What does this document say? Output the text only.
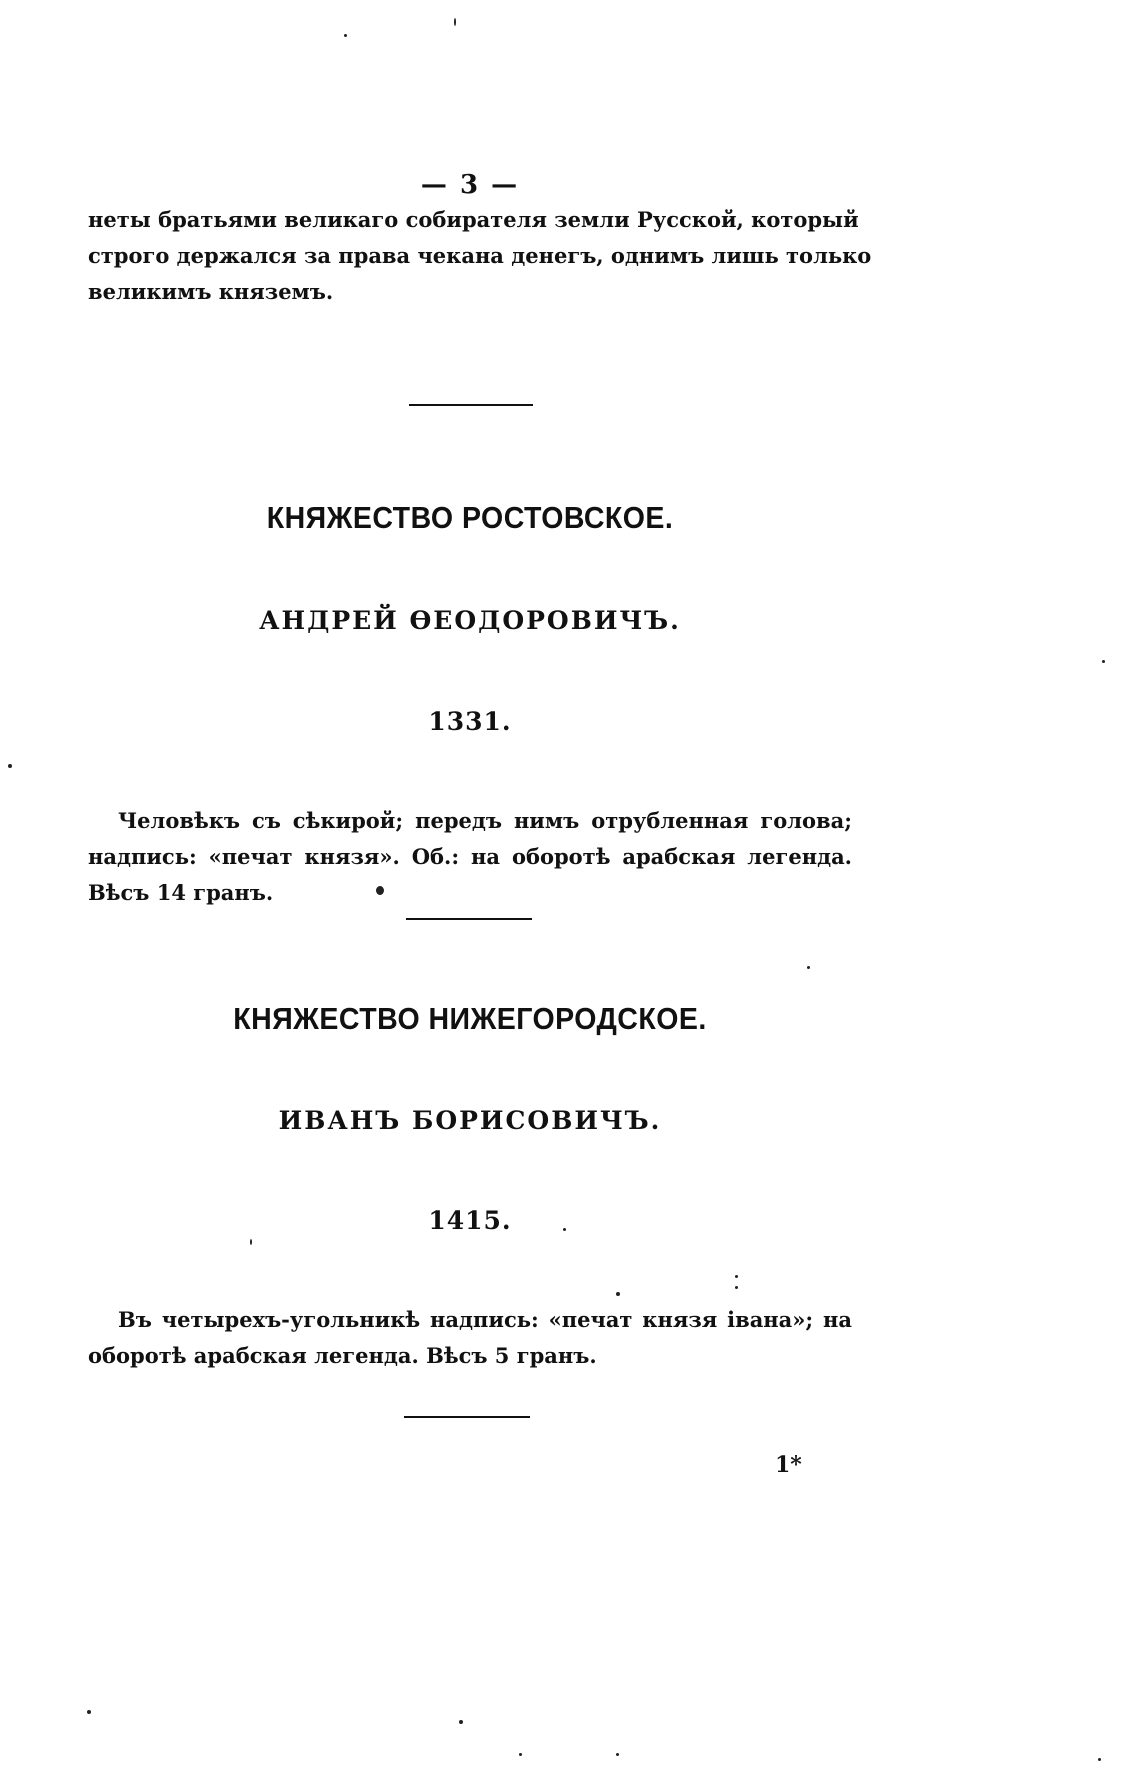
— 3 —

неты братьями великаго собирателя земли Русской, который
строго держался за права чекана денегъ, однимъ лишь только
великимъ княземъ.

КНЯЖЕСТВО РОСТОВСКОЕ.
АНДРЕЙ ӨЕОДОРОВИЧЪ.
1331.

Человѣкъ съ сѣкирой; передъ нимъ отрубленная голова;
надпись: «печат князя». Об.: на оборотѣ арабская легенда.
Вѣсъ 14 гранъ.

КНЯЖЕСТВО НИЖЕГОРОДСКОЕ.
ИВАНЪ БОРИСОВИЧЪ.
1415.

Въ четырехъ-угольникѣ надпись: «печат князя івана»; на
оборотѣ арабская легенда. Вѣсъ 5 гранъ.

1*
